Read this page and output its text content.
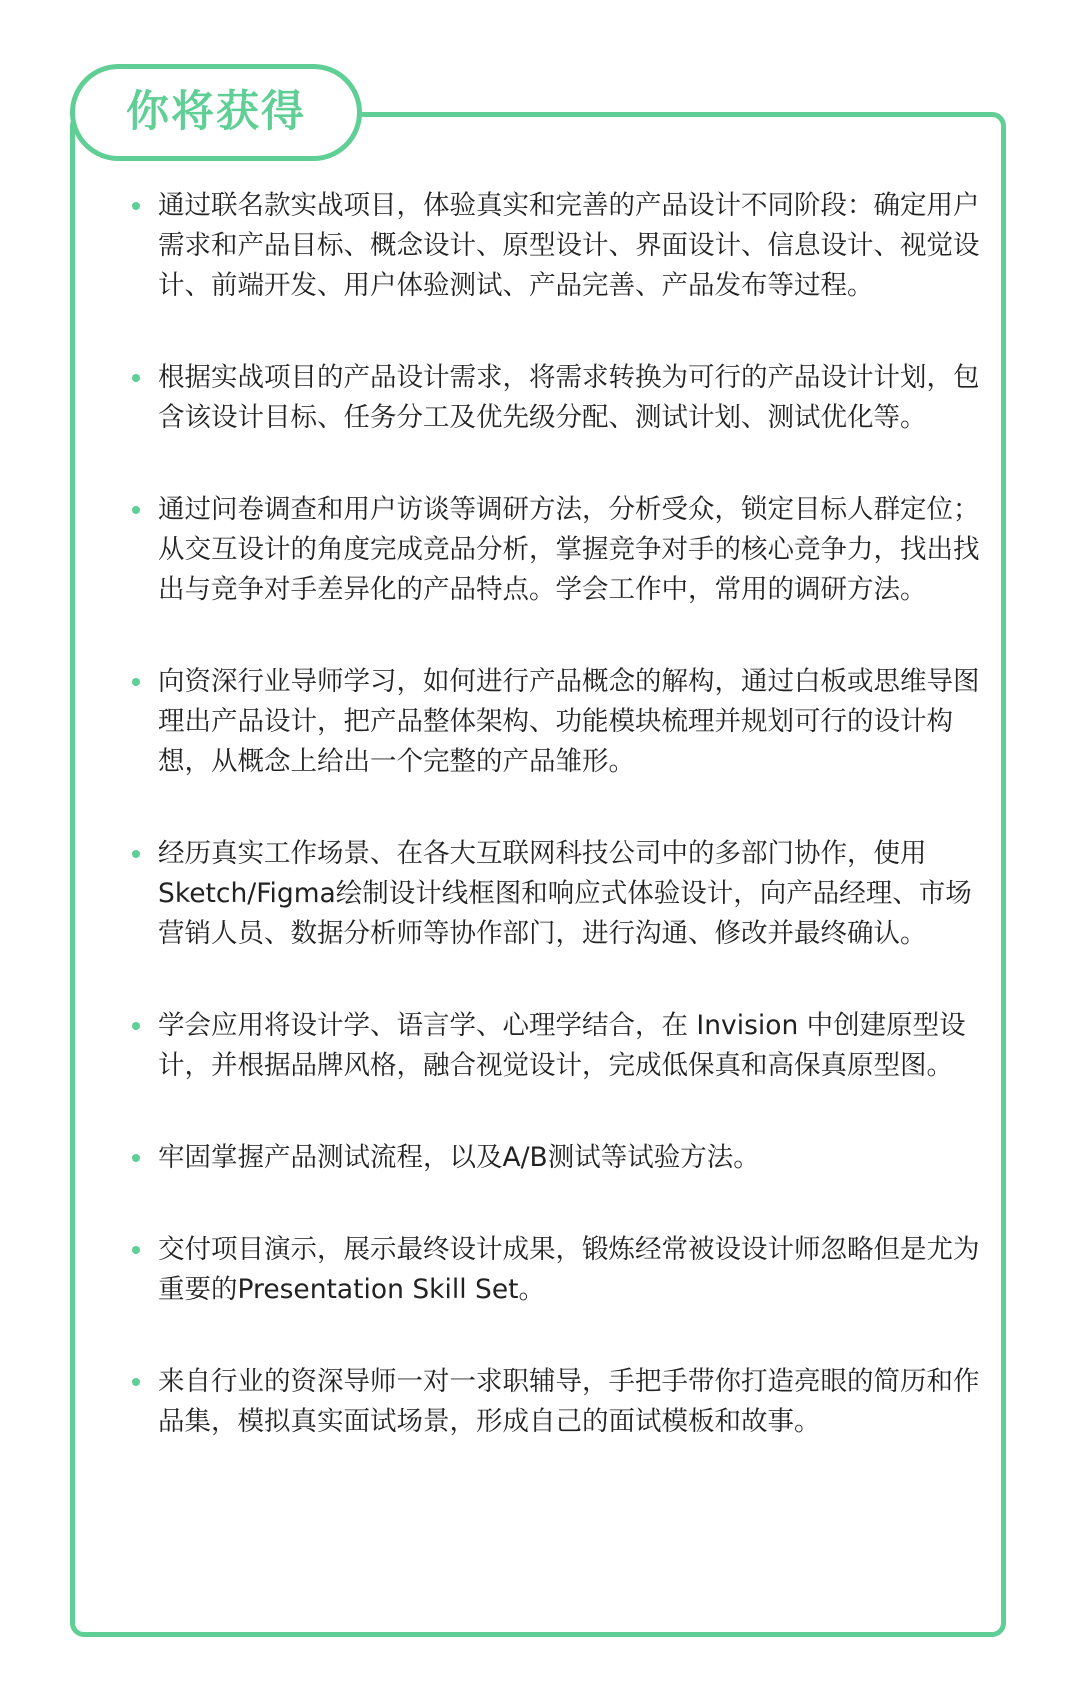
你将获得
通过联名款实战项目，体验真实和完善的产品设计不同阶段：确定用户需求和产品目标、概念设计、原型设计、界面设计、信息设计、视觉设计、前端开发、用户体验测试、产品完善、产品发布等过程。
根据实战项目的产品设计需求，将需求转换为可行的产品设计计划，包含该设计目标、任务分工及优先级分配、测试计划、测试优化等。
通过问卷调查和用户访谈等调研方法，分析受众，锁定目标人群定位；从交互设计的角度完成竞品分析，掌握竞争对手的核心竞争力，找出找出与竞争对手差异化的产品特点。学会工作中，常用的调研方法。
向资深行业导师学习，如何进行产品概念的解构，通过白板或思维导图理出产品设计，把产品整体架构、功能模块梳理并规划可行的设计构想，从概念上给出一个完整的产品雏形。
经历真实工作场景、在各大互联网科技公司中的多部门协作，使用Sketch/Figma绘制设计线框图和响应式体验设计，向产品经理、市场营销人员、数据分析师等协作部门，进行沟通、修改并最终确认。
学会应用将设计学、语言学、心理学结合，在 Invision 中创建原型设计，并根据品牌风格，融合视觉设计，完成低保真和高保真原型图。
牢固掌握产品测试流程，以及A/B测试等试验方法。
交付项目演示，展示最终设计成果，锻炼经常被设设计师忽略但是尤为重要的Presentation Skill Set。
来自行业的资深导师一对一求职辅导，手把手带你打造亮眼的简历和作品集，模拟真实面试场景，形成自己的面试模板和故事。
